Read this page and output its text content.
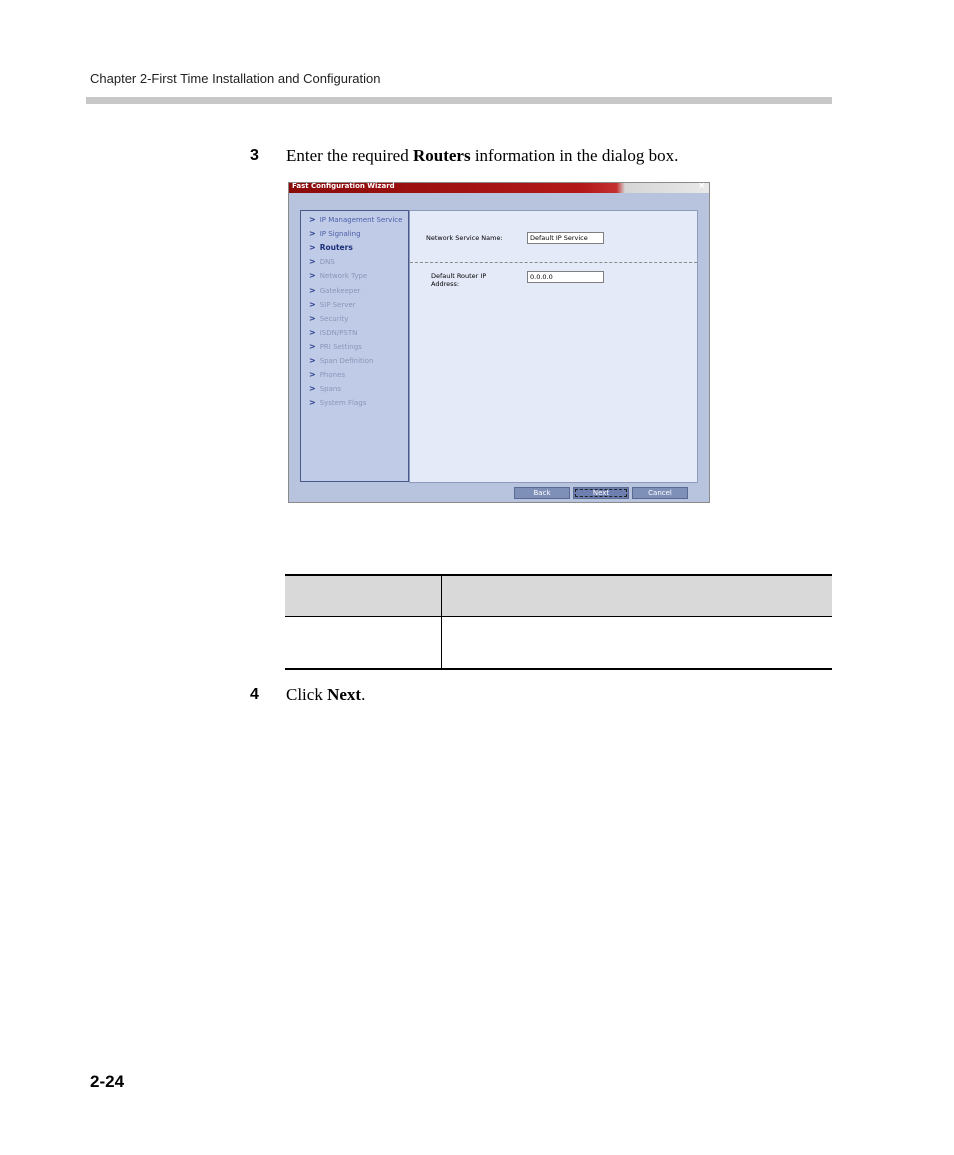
Chapter 2-First Time Installation and Configuration
3 Enter the required Routers information in the dialog box.
Fast Configuration Wizard	×
> IP Management Service
> IP Signaling
> Routers
> DNS
> Network Type
> Gatekeeper
> SIP Server
> Security
> ISDN/PSTN
> PRI Settings
> Span Definition
> Phones
> Spans
> System Flags
Network Service Name:	Default IP Service
Default Router IP
Address:
0.0.0.0
Back	Next	Cancel
4 Click Next.
2-24
